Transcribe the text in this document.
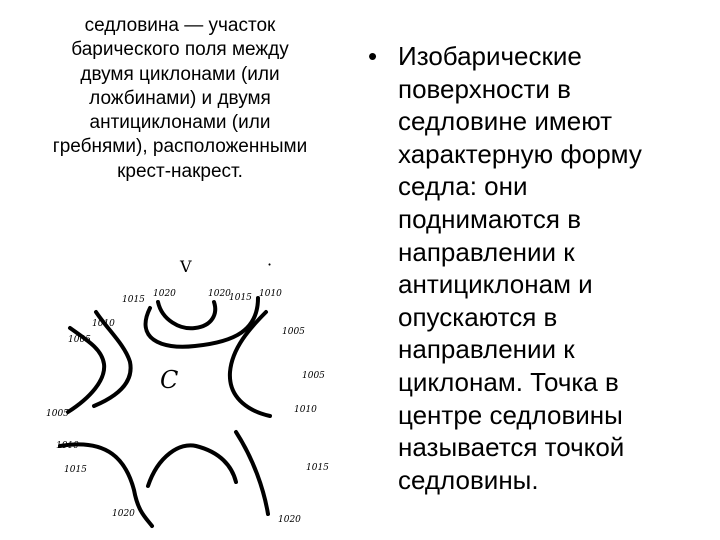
седловина — участок
барического поля между
двумя циклонами (или
ложбинами) и двумя
антициклонами (или
гребнями), расположенными
крест-накрест.
• Изобарические
поверхности в
седловине имеют
характерную форму
седла: они
поднимаются в
направлении к
антициклонам и
опускаются в
направлении к
циклонам. Точка в
центре седловины
называется точкой
седловины.
V	·
C
1015
1020	1020
1015 1010
1010
1005
1005
1005
1005
1010
1015
1010
1015
1020
1020
